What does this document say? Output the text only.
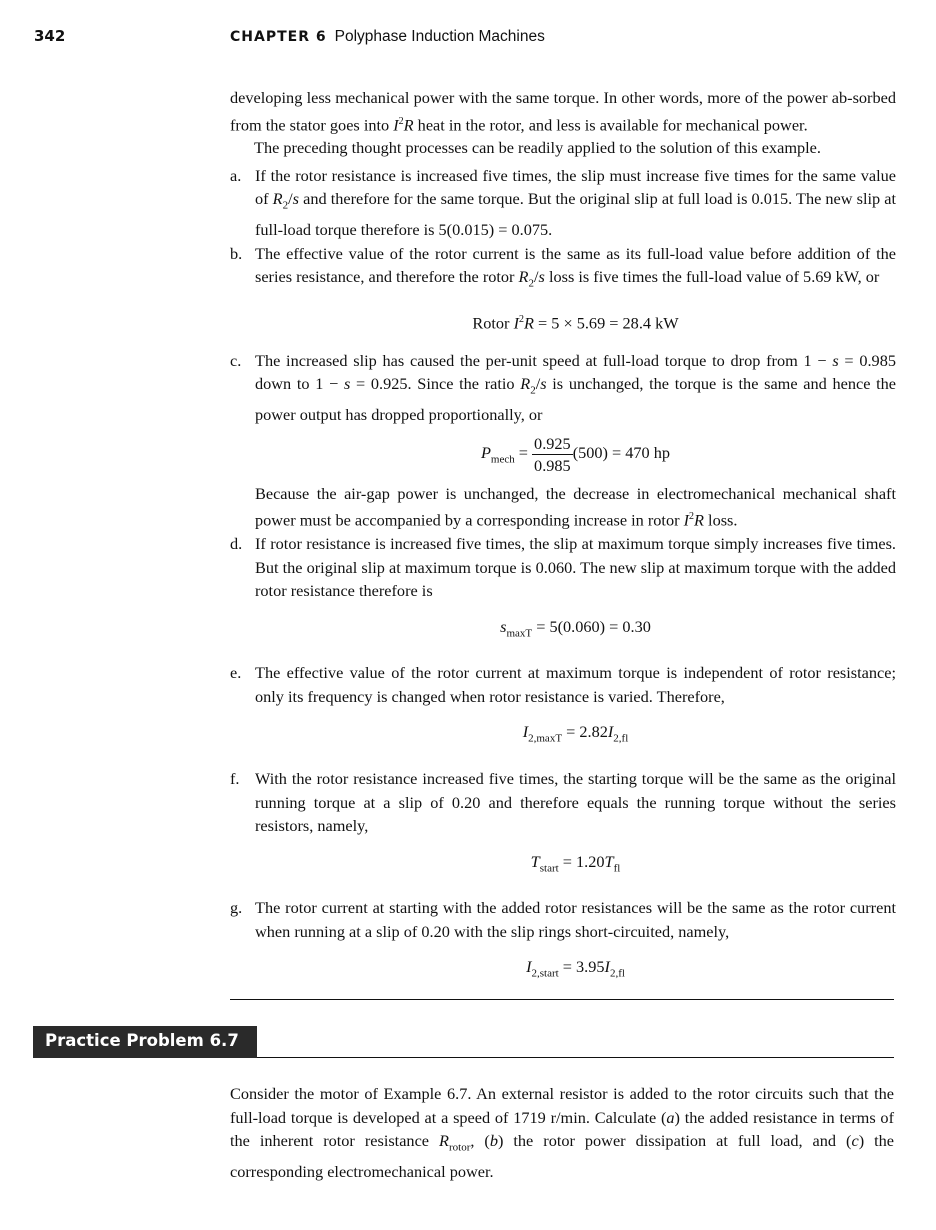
342	CHAPTER 6 Polyphase Induction Machines

developing less mechanical power with the same torque. In other words, more of the power ab-sorbed from the stator goes into $I^2R$ heat in the rotor, and less is available for mechanical power.

The preceding thought processes can be readily applied to the solution of this example.

a. If the rotor resistance is increased five times, the slip must increase five times for the same value of $R_2/s$ and therefore for the same torque. But the original slip at full load is 0.015. The new slip at full-load torque therefore is 5(0.015) = 0.075.

b. The effective value of the rotor current is the same as its full-load value before addition of the series resistance, and therefore the rotor $R_2/s$ loss is five times the full-load value of 5.69 kW, or

Rotor $I^2R = 5 \times 5.69 = 28.4$ kW

c. The increased slip has caused the per-unit speed at full-load torque to drop from 1 − s = 0.985 down to 1 − s = 0.925. Since the ratio $R_2/s$ is unchanged, the torque is the same and hence the power output has dropped proportionally, or

$P_{mech} = \frac{0.925}{0.985} (500) = 470$ hp

Because the air-gap power is unchanged, the decrease in electromechanical mechanical shaft power must be accompanied by a corresponding increase in rotor $I^2R$ loss.

d. If rotor resistance is increased five times, the slip at maximum torque simply increases five times. But the original slip at maximum torque is 0.060. The new slip at maximum torque with the added rotor resistance therefore is

$s_{maxT} = 5(0.060) = 0.30$

e. The effective value of the rotor current at maximum torque is independent of rotor resistance; only its frequency is changed when rotor resistance is varied. Therefore,

$I_{2,maxT} = 2.82I_{2,fl}$

f. With the rotor resistance increased five times, the starting torque will be the same as the original running torque at a slip of 0.20 and therefore equals the running torque without the series resistors, namely,

$T_{start} = 1.20T_{fl}$

g. The rotor current at starting with the added rotor resistances will be the same as the rotor current when running at a slip of 0.20 with the slip rings short-circuited, namely,

$I_{2,start} = 3.95I_{2,fl}$

Practice Problem 6.7

Consider the motor of Example 6.7. An external resistor is added to the rotor circuits such that the full-load torque is developed at a speed of 1719 r/min. Calculate (a) the added resistance in terms of the inherent rotor resistance $R_{rotor}$, (b) the rotor power dissipation at full load, and (c) the corresponding electromechanical power.
